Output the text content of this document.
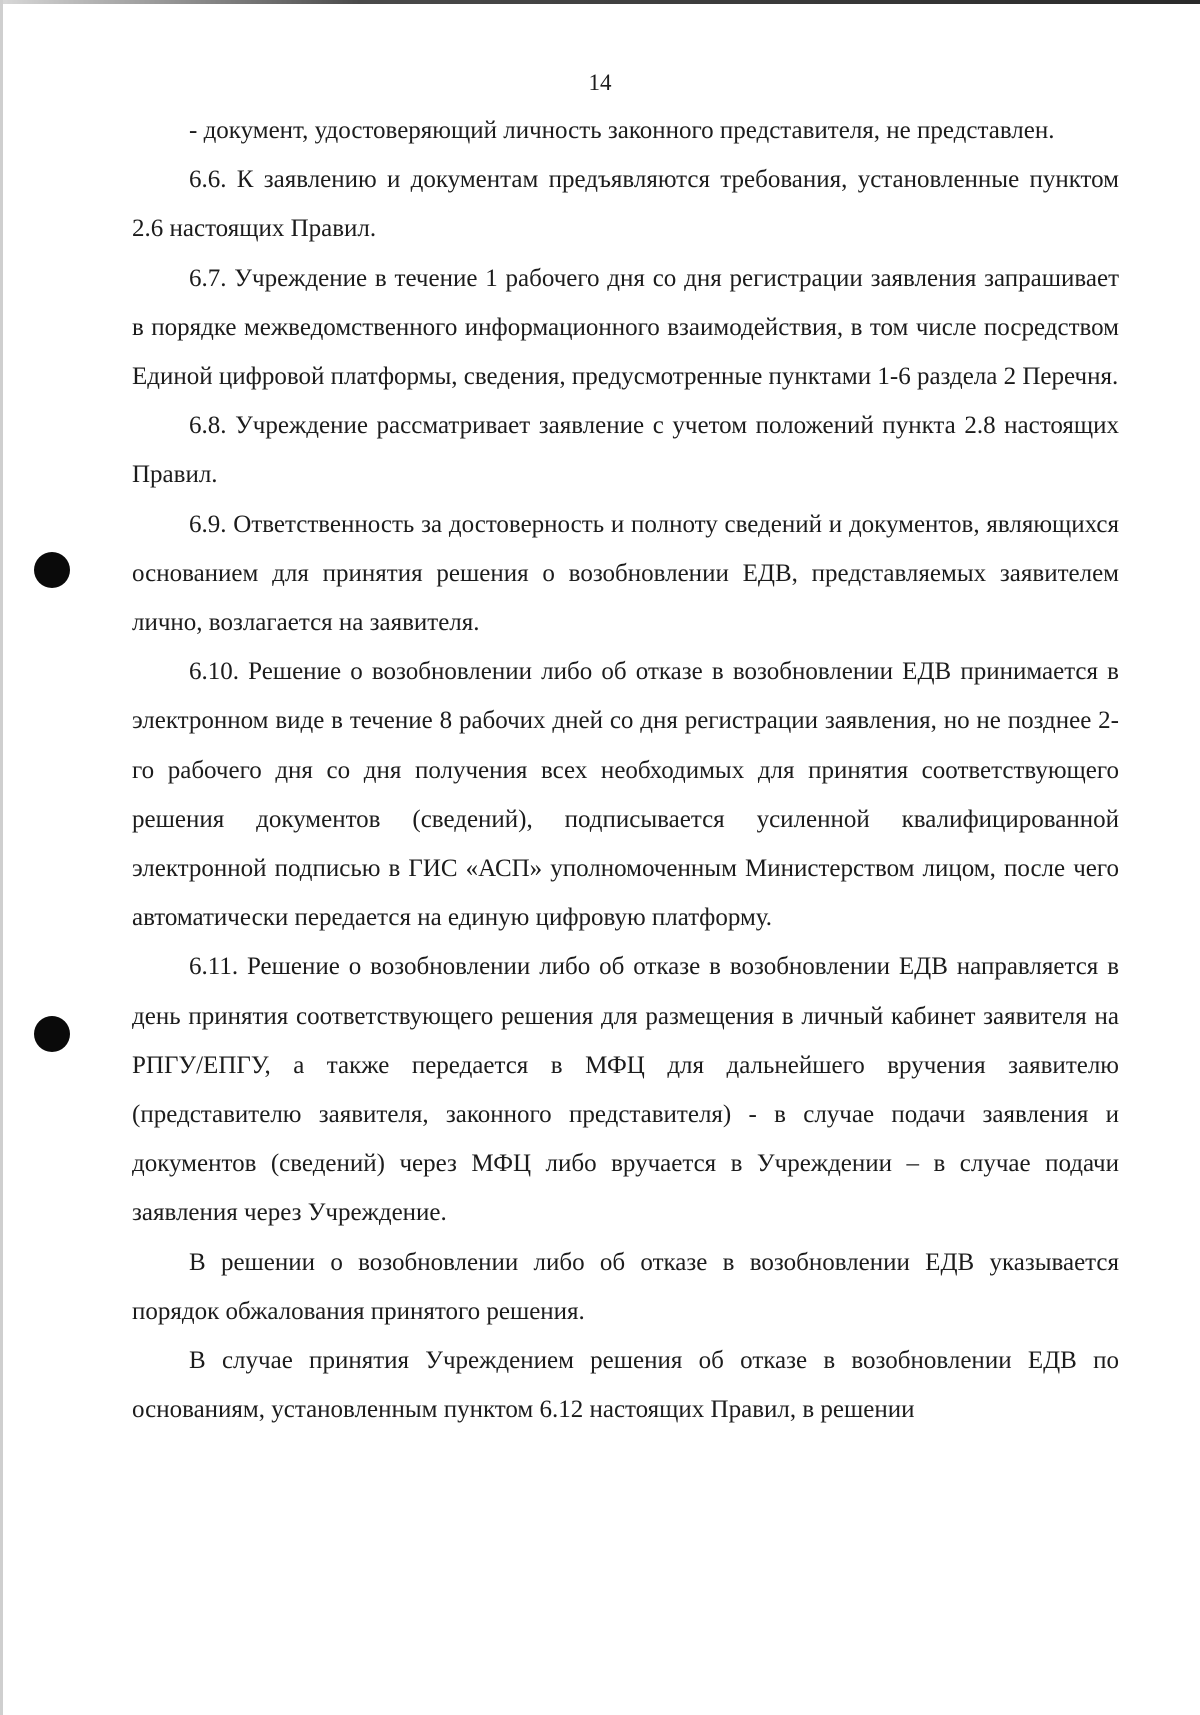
14

- документ, удостоверяющий личность законного представителя, не представлен.

6.6. К заявлению и документам предъявляются требования, установленные пунктом 2.6 настоящих Правил.

6.7. Учреждение в течение 1 рабочего дня со дня регистрации заявления запрашивает в порядке межведомственного информационного взаимодействия, в том числе посредством Единой цифровой платформы, сведения, предусмотренные пунктами 1-6 раздела 2 Перечня.

6.8. Учреждение рассматривает заявление с учетом положений пункта 2.8 настоящих Правил.

6.9. Ответственность за достоверность и полноту сведений и документов, являющихся основанием для принятия решения о возобновлении ЕДВ, представляемых заявителем лично, возлагается на заявителя.

6.10. Решение о возобновлении либо об отказе в возобновлении ЕДВ принимается в электронном виде в течение 8 рабочих дней со дня регистрации заявления, но не позднее 2-го рабочего дня со дня получения всех необходимых для принятия соответствующего решения документов (сведений), подписывается усиленной квалифицированной электронной подписью в ГИС «АСП» уполномоченным Министерством лицом, после чего автоматически передается на единую цифровую платформу.

6.11. Решение о возобновлении либо об отказе в возобновлении ЕДВ направляется в день принятия соответствующего решения для размещения в личный кабинет заявителя на РПГУ/ЕПГУ, а также передается в МФЦ для дальнейшего вручения заявителю (представителю заявителя, законного представителя) - в случае подачи заявления и документов (сведений) через МФЦ либо вручается в Учреждении – в случае подачи заявления через Учреждение.

В решении о возобновлении либо об отказе в возобновлении ЕДВ указывается порядок обжалования принятого решения.

В случае принятия Учреждением решения об отказе в возобновлении ЕДВ по основаниям, установленным пунктом 6.12 настоящих Правил, в решении
